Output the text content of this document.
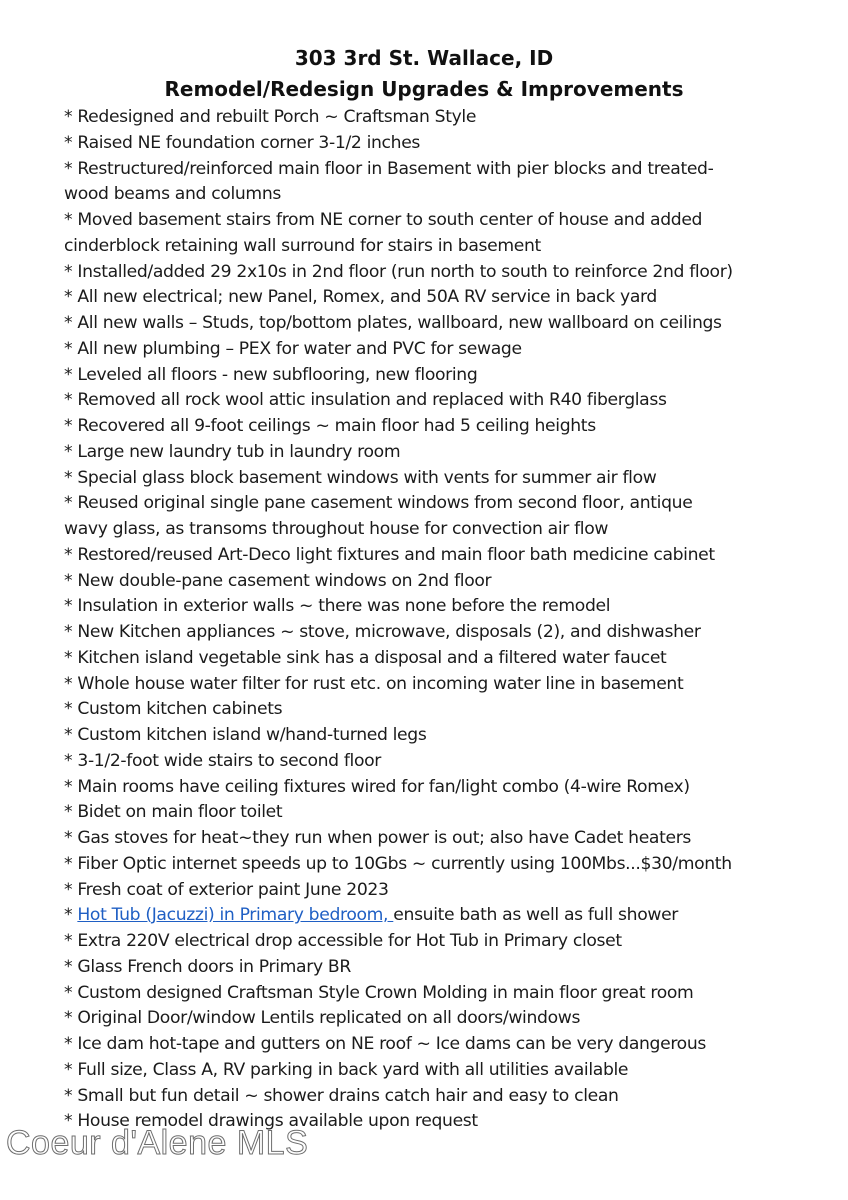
303 3rd St. Wallace, ID
Remodel/Redesign Upgrades & Improvements
* Redesigned and rebuilt Porch ~ Craftsman Style
* Raised NE foundation corner 3-1/2 inches
* Restructured/reinforced main floor in Basement with pier blocks and treated-
wood beams and columns
* Moved basement stairs from NE corner to south center of house and added
cinderblock retaining wall surround for stairs in basement
* Installed/added 29 2x10s in 2nd floor (run north to south to reinforce 2nd floor)
* All new electrical; new Panel, Romex, and 50A RV service in back yard
* All new walls – Studs, top/bottom plates, wallboard, new wallboard on ceilings
* All new plumbing – PEX for water and PVC for sewage
* Leveled all floors - new subflooring, new flooring
* Removed all rock wool attic insulation and replaced with R40 fiberglass
* Recovered all 9-foot ceilings ~ main floor had 5 ceiling heights
* Large new laundry tub in laundry room
* Special glass block basement windows with vents for summer air flow
* Reused original single pane casement windows from second floor, antique
wavy glass, as transoms throughout house for convection air flow
* Restored/reused Art-Deco light fixtures and main floor bath medicine cabinet
* New double-pane casement windows on 2nd floor
* Insulation in exterior walls ~ there was none before the remodel
* New Kitchen appliances ~ stove, microwave, disposals (2), and dishwasher
* Kitchen island vegetable sink has a disposal and a filtered water faucet
* Whole house water filter for rust etc. on incoming water line in basement
* Custom kitchen cabinets
* Custom kitchen island w/hand-turned legs
* 3-1/2-foot wide stairs to second floor
* Main rooms have ceiling fixtures wired for fan/light combo (4-wire Romex)
* Bidet on main floor toilet
* Gas stoves for heat~they run when power is out; also have Cadet heaters
* Fiber Optic internet speeds up to 10Gbs ~ currently using 100Mbs...$30/month
* Fresh coat of exterior paint June 2023
* Hot Tub (Jacuzzi) in Primary bedroom, ensuite bath as well as full shower
* Extra 220V electrical drop accessible for Hot Tub in Primary closet
* Glass French doors in Primary BR
* Custom designed Craftsman Style Crown Molding in main floor great room
* Original Door/window Lentils replicated on all doors/windows
* Ice dam hot-tape and gutters on NE roof ~ Ice dams can be very dangerous
* Full size, Class A, RV parking in back yard with all utilities available
* Small but fun detail ~ shower drains catch hair and easy to clean
* House remodel drawings available upon request
Coeur d'Alene MLS
